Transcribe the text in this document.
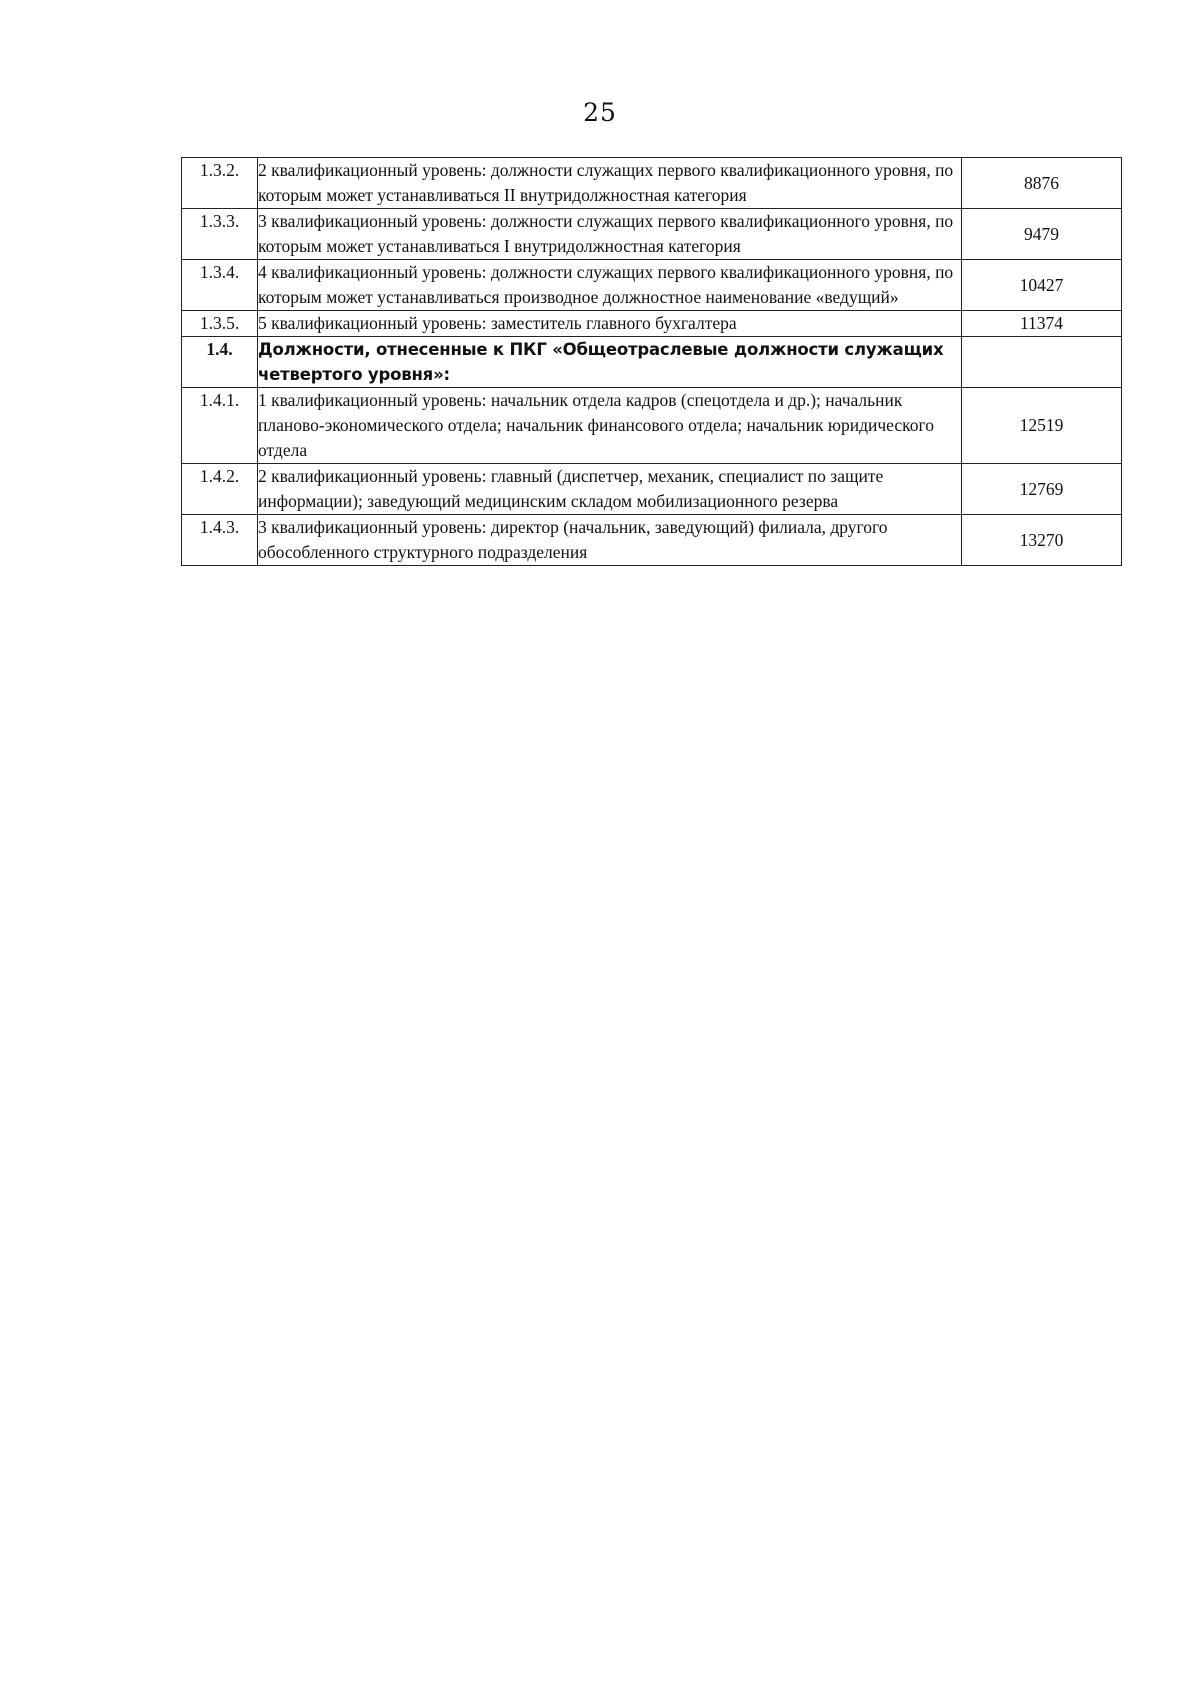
25
1.3.2.	2 квалификационный уровень: должности служащих первого квалификационного уровня, по которым может устанавливаться II внутридолжностная категория	8876
1.3.3.	3 квалификационный уровень: должности служащих первого квалификационного уровня, по которым может устанавливаться I внутридолжностная категория	9479
1.3.4.	4 квалификационный уровень: должности служащих первого квалификационного уровня, по которым может устанавливаться производное должностное наименование «ведущий»	10427
1.3.5.	5 квалификационный уровень: заместитель главного бухгалтера	11374
1.4.	Должности, отнесенные к ПКГ «Общеотраслевые должности служащих четвертого уровня»:	
1.4.1.	1 квалификационный уровень: начальник отдела кадров (спецотдела и др.); начальник планово-экономического отдела; начальник финансового отдела; начальник юридического отдела	12519
1.4.2.	2 квалификационный уровень: главный (диспетчер, механик, специалист по защите информации); заведующий медицинским складом мобилизационного резерва	12769
1.4.3.	3 квалификационный уровень: директор (начальник, заведующий) филиала, другого обособленного структурного подразделения	13270
